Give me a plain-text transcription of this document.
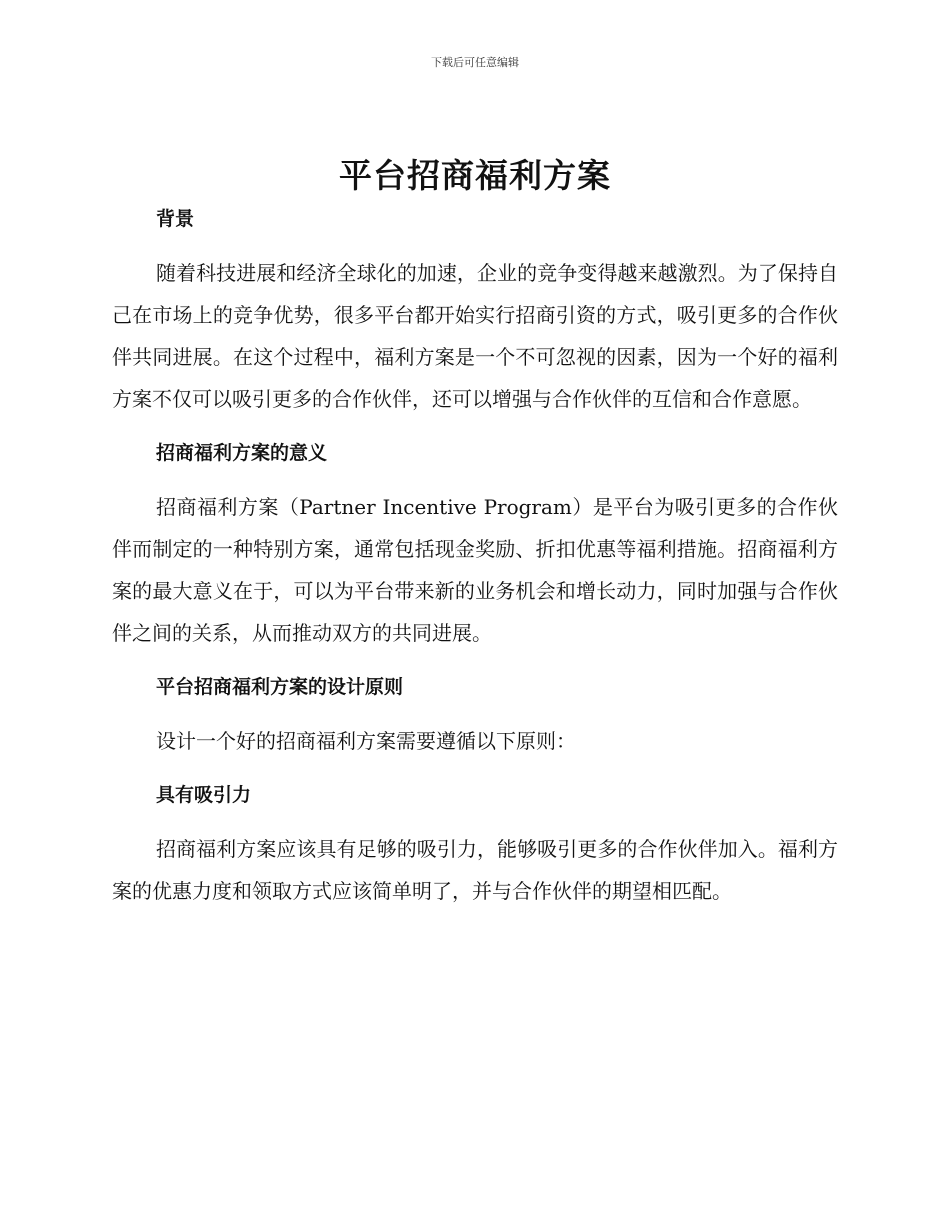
下载后可任意编辑
平台招商福利方案
背景

随着科技进展和经济全球化的加速，企业的竞争变得越来越激烈。为了保持自己在市场上的竞争优势，很多平台都开始实行招商引资的方式，吸引更多的合作伙伴共同进展。在这个过程中，福利方案是一个不可忽视的因素，因为一个好的福利方案不仅可以吸引更多的合作伙伴，还可以增强与合作伙伴的互信和合作意愿。

招商福利方案的意义

招商福利方案（Partner Incentive Program）是平台为吸引更多的合作伙伴而制定的一种特别方案，通常包括现金奖励、折扣优惠等福利措施。招商福利方案的最大意义在于，可以为平台带来新的业务机会和增长动力，同时加强与合作伙伴之间的关系，从而推动双方的共同进展。

平台招商福利方案的设计原则

设计一个好的招商福利方案需要遵循以下原则：

具有吸引力

招商福利方案应该具有足够的吸引力，能够吸引更多的合作伙伴加入。福利方案的优惠力度和领取方式应该简单明了，并与合作伙伴的期望相匹配。
